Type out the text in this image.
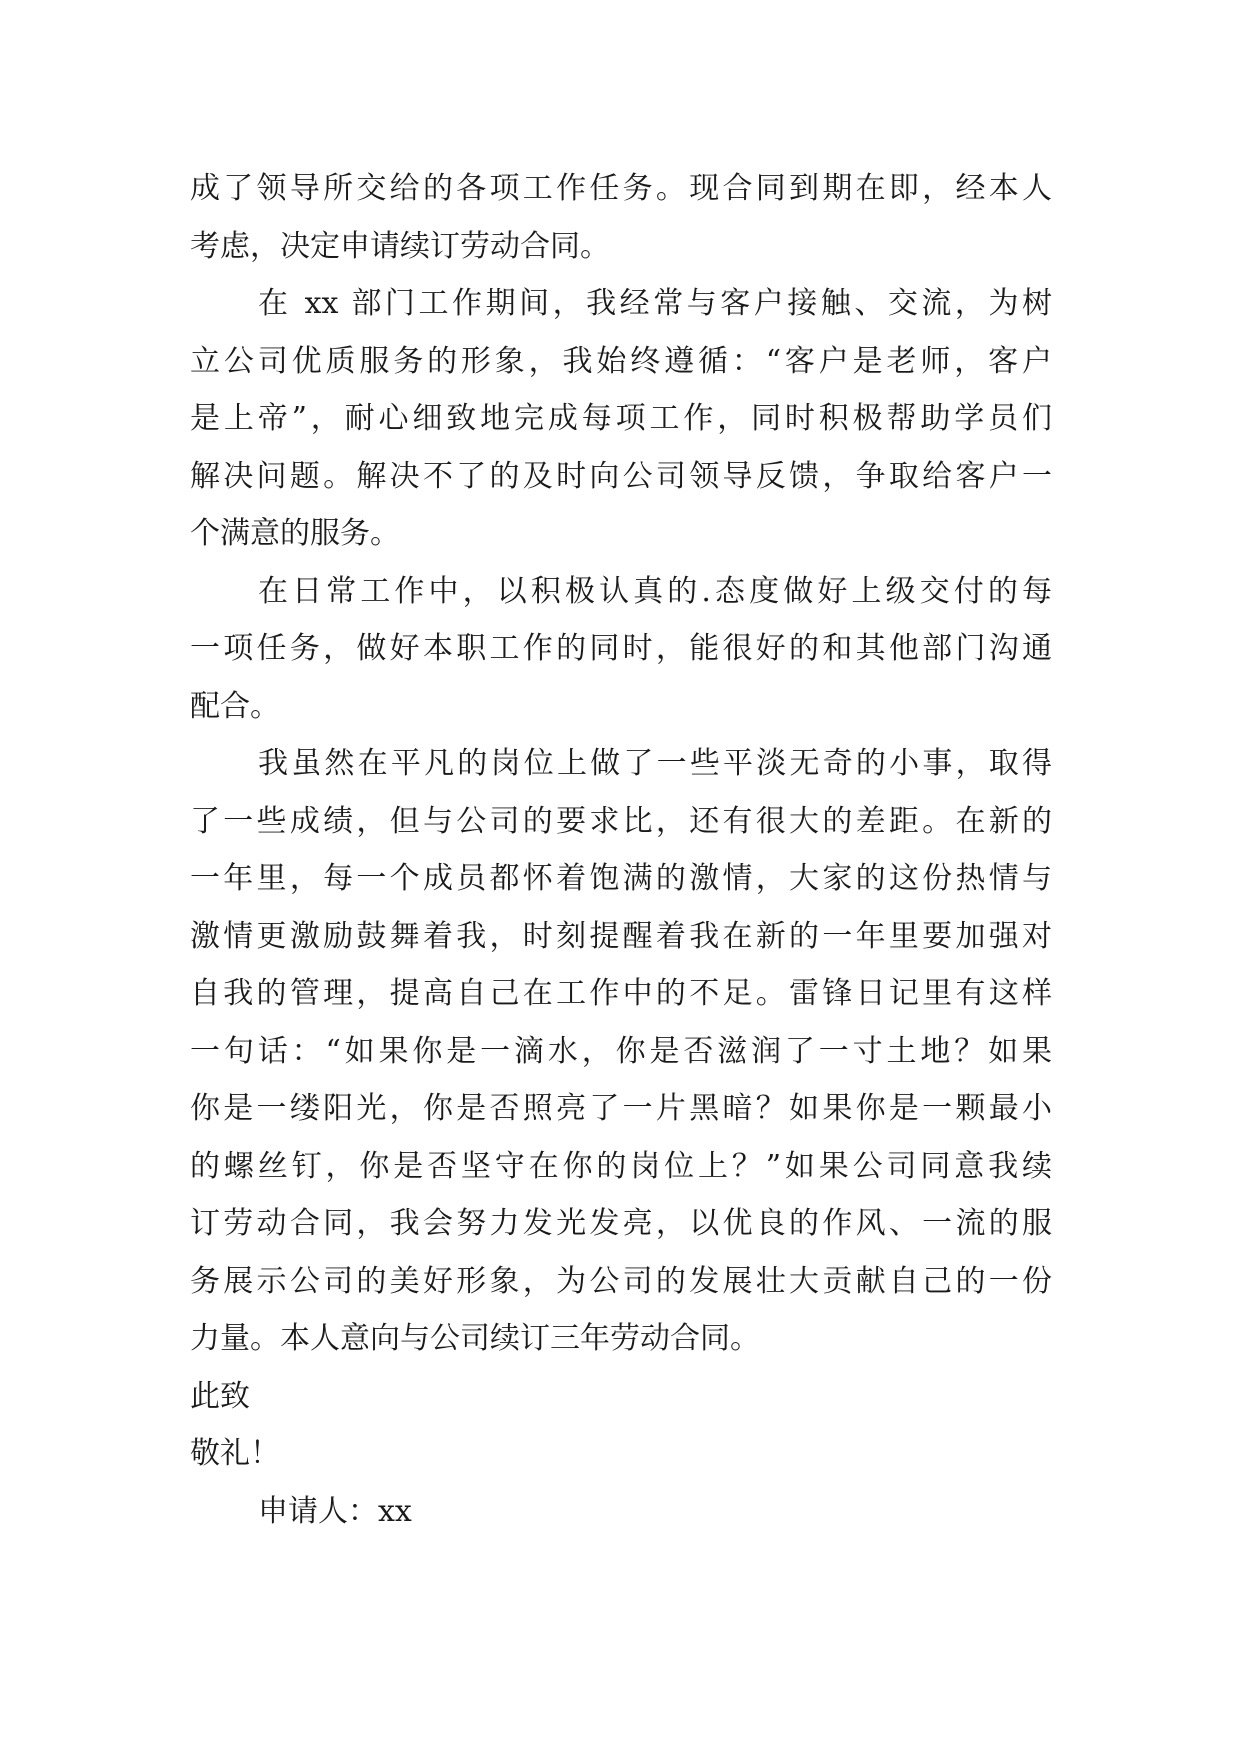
成了领导所交给的各项工作任务。现合同到期在即，经本人
考虑，决定申请续订劳动合同。
在 xx 部门工作期间，我经常与客户接触、交流，为树
立公司优质服务的形象，我始终遵循：“客户是老师，客户
是上帝”，耐心细致地完成每项工作，同时积极帮助学员们
解决问题。解决不了的及时向公司领导反馈，争取给客户一
个满意的服务。
在日常工作中，以积极认真的.态度做好上级交付的每
一项任务，做好本职工作的同时，能很好的和其他部门沟通
配合。
我虽然在平凡的岗位上做了一些平淡无奇的小事，取得
了一些成绩，但与公司的要求比，还有很大的差距。在新的
一年里，每一个成员都怀着饱满的激情，大家的这份热情与
激情更激励鼓舞着我，时刻提醒着我在新的一年里要加强对
自我的管理，提高自己在工作中的不足。雷锋日记里有这样
一句话：“如果你是一滴水，你是否滋润了一寸土地？如果
你是一缕阳光，你是否照亮了一片黑暗？如果你是一颗最小
的螺丝钉，你是否坚守在你的岗位上？”如果公司同意我续
订劳动合同，我会努力发光发亮，以优良的作风、一流的服
务展示公司的美好形象，为公司的发展壮大贡献自己的一份
力量。本人意向与公司续订三年劳动合同。
此致
敬礼！
申请人：xx
